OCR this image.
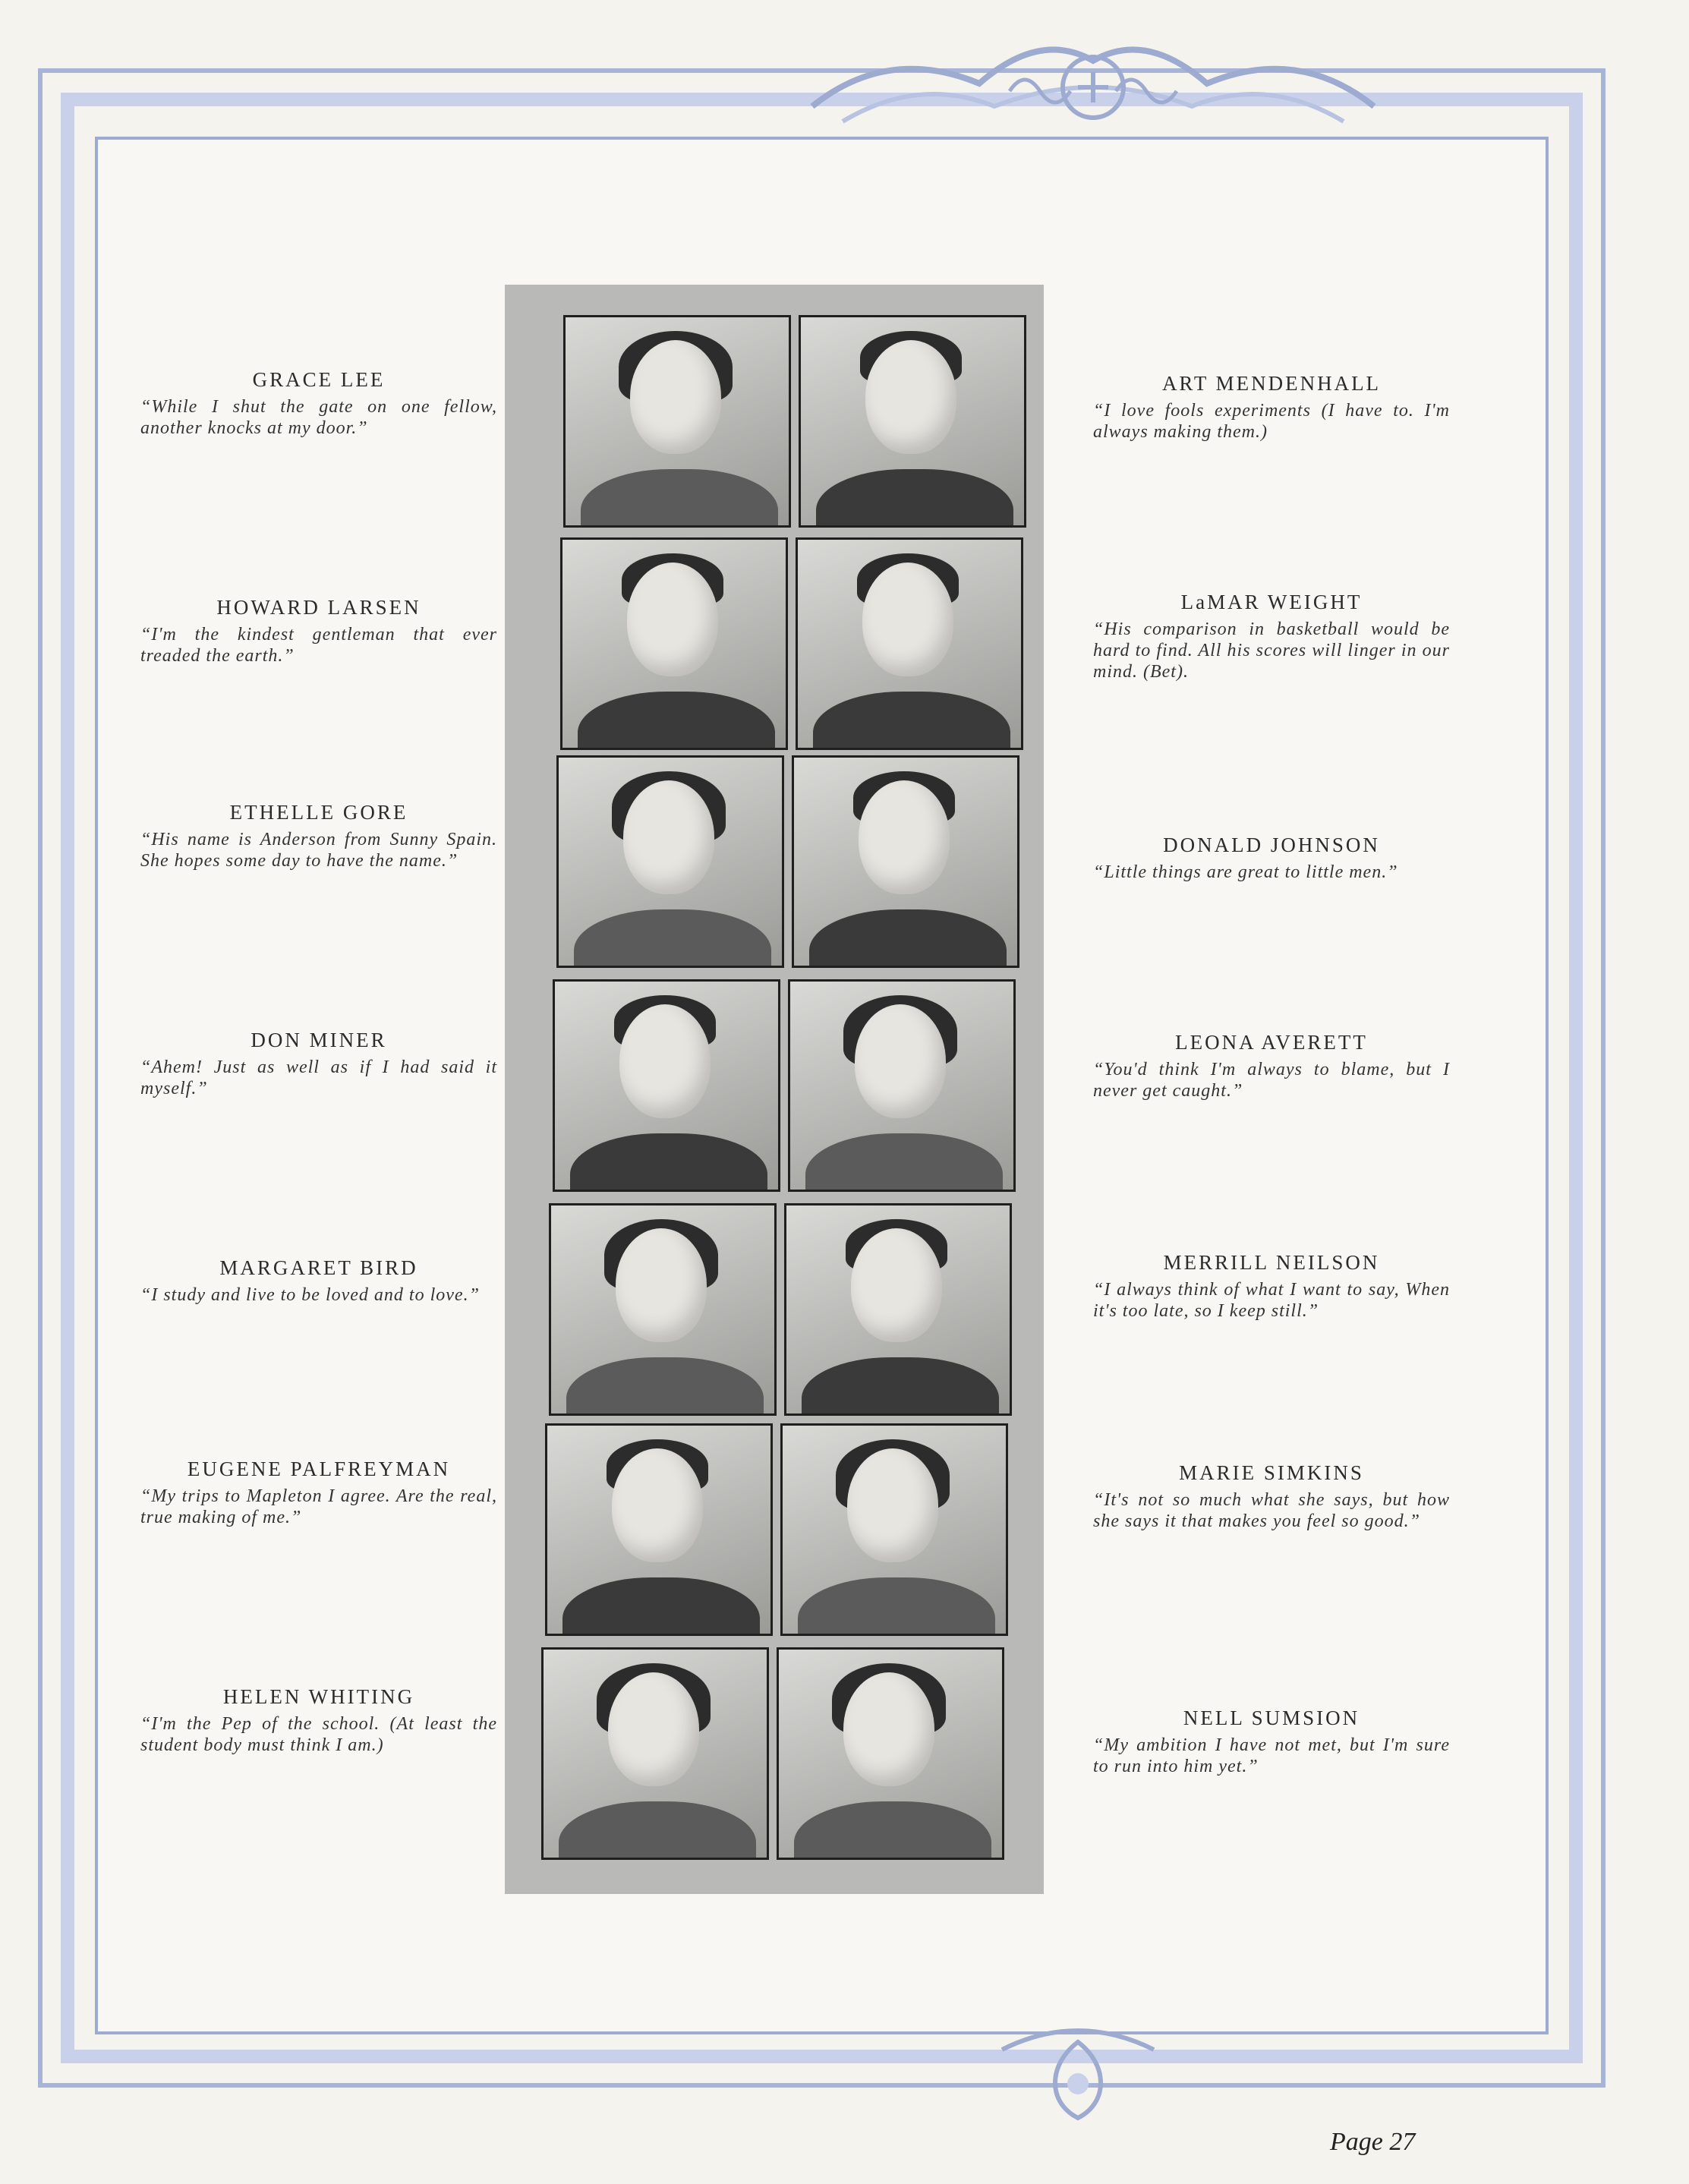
GRACE LEE
“While I shut the gate on one fellow, another knocks at my door.”
HOWARD LARSEN
“I'm the kindest gentleman that ever treaded the earth.”
ETHELLE GORE
“His name is Anderson from Sunny Spain. She hopes some day to have the name.”
DON MINER
“Ahem! Just as well as if I had said it myself.”
MARGARET BIRD
“I study and live to be loved and to love.”
EUGENE PALFREYMAN
“My trips to Mapleton I agree. Are the real, true making of me.”
HELEN WHITING
“I'm the Pep of the school. (At least the student body must think I am.)
ART MENDENHALL
“I love fools experiments (I have to. I'm always making them.)
LaMAR WEIGHT
“His comparison in basketball would be hard to find. All his scores will linger in our mind. (Bet).
DONALD JOHNSON
“Little things are great to little men.”
LEONA AVERETT
“You'd think I'm always to blame, but I never get caught.”
MERRILL NEILSON
“I always think of what I want to say, When it's too late, so I keep still.”
MARIE SIMKINS
“It's not so much what she says, but how she says it that makes you feel so good.”
NELL SUMSION
“My ambition I have not met, but I'm sure to run into him yet.”
Page 27
